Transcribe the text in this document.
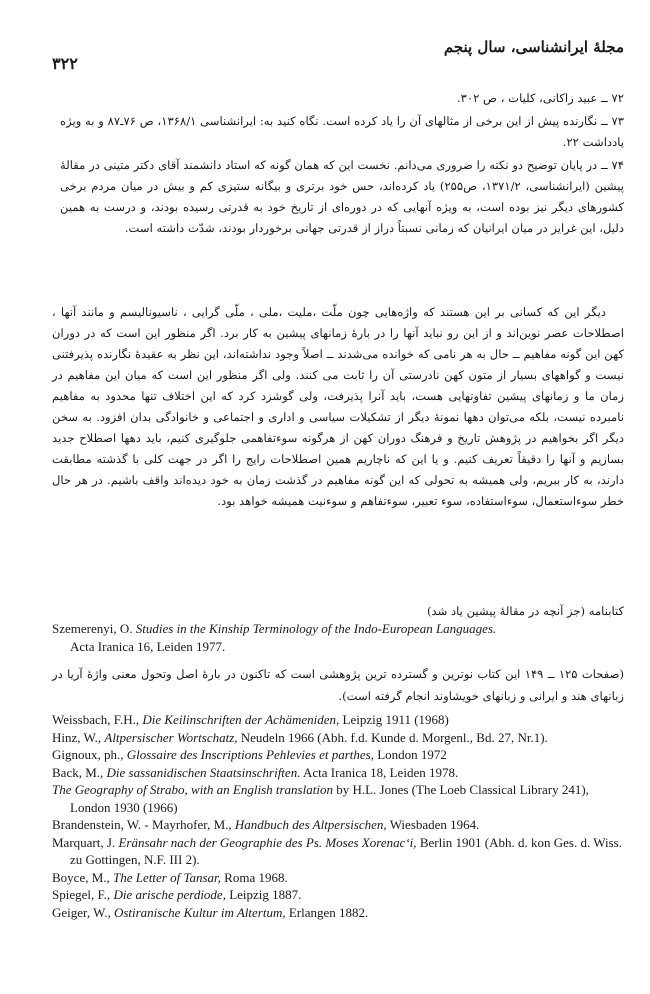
مجلهٔ ایرانشناسی، سال پنجم
۳۲۲

۷۲ ــ عبید زاکانی، کلیات ، ص ۳۰۲.

۷۳ ــ نگارنده پیش از این برخی از مثالهای آن را یاد کرده است. نگاه کنید به: ایرانشناسی ۱۳۶۸/۱، ص ۷۶ـ۸۷ و به ویژه یادداشت ۲۲.

۷۴ ــ در پایان توضیح دو نکته را ضروری می‌دانم. نخست این که همان گونه که استاد دانشمند آقای دکتر متینی در مقالهٔ پیشین (ایرانشناسی، ۱۳۷۱/۲، ص۲۵۵) یاد کرده‌اند، حس خود برتری و بیگانه ستیزی کم و بیش در میان مردم برخی کشورهای دیگر نیز بوده است، به ویژه آنهایی که در دوره‌ای از تاریخ خود به قدرتی رسیده بودند، و درست به همین دلیل، این غرایز در میان ایرانیان که زمانی نسبتاً دراز از قدرتی جهانی برخوردار بودند، شدّت داشته است.

دیگر این که کسانی بر این هستند که واژه‌هایی چون ملّت ،ملیت ،ملی ، ملّی گرایی ، ناسیونالیسم و مانند آنها ، اصطلاحات عصر نوین‌اند و از این رو نباید آنها را در بارهٔ زمانهای پیشین به کار برد. اگر منظور این است که در دوران کهن این گونه مفاهیم ــ حال به هر نامی که خوانده می‌شدند ــ اصلاً وجود نداشته‌اند، این نظر به عقیدهٔ نگارنده پذیرفتنی نیست و گواههای بسیار از متون کهن نادرستی آن را ثابت می کنند. ولی اگر منظور این است که میان این مفاهیم در زمان ما و زمانهای پیشین تفاوتهایی هست، باید آنرا پذیرفت، ولی گوشزد کرد که این اختلاف تنها محدود به مفاهیم نامبرده نیست، بلکه می‌توان دهها نمونهٔ دیگر از تشکیلات سیاسی و اداری و اجتماعی و خانوادگی بدان افزود. به سخن دیگر اگر بخواهیم در پژوهش تاریخ و فرهنگ دوران کهن از هرگونه سوءتفاهمی جلوگیری کنیم، باید دهها اصطلاح جدید بسازیم و آنها را دقیقاً تعریف کنیم. و یا این که ناچاریم همین اصطلاحات رایج را اگر در جهت کلی با گذشته مطابقت دارند، به کار ببریم، ولی همیشه به تحولی که این گونه مفاهیم در گذشت زمان به خود دیده‌اند واقف باشیم. در هر حال خطر سوءاستعمال، سوءاستفاده، سوء تعبیر، سوءتفاهم و سوءنیت همیشه خواهد بود.

کتابنامه (جز آنچه در مقالهٔ پیشین یاد شد)

Szemerenyi, O. Studies in the Kinship Terminology of the Indo-European Languages.
Acta Iranica 16, Leiden 1977.

(صفحات ۱۲۵ ــ ۱۴۹ این کتاب نوترین و گسترده ترین پژوهشی است که تاکنون در بارهٔ اصل وتحول معنی واژهٔ آریا در زبانهای هند و ایرانی و زبانهای خویشاوند انجام گرفته است).

Weissbach, F.H., Die Keilinschriften der Achämeniden, Leipzig 1911 (1968)

Hinz, W., Altpersischer Wortschatz, Neudeln 1966 (Abh. f.d. Kunde d. Morgenl., Bd. 27, Nr.1).

Gignoux, ph., Glossaire des Inscriptions Pehlevies et parthes, London 1972

Back, M., Die sassanidischen Staatsinschriften. Acta Iranica 18, Leiden 1978.

The Geography of Strabo, with an English translation by H.L. Jones (The Loeb Classical Library 241), London 1930 (1966)

Brandenstein, W. - Mayrhofer, M., Handbuch des Altpersischen, Wiesbaden 1964.

Marquart, J. Eränsahr nach der Geographie des Ps. Moses Xorenac‘i, Berlin 1901 (Abh. d. kon Ges. d. Wiss. zu Gottingen, N.F. III 2).

Boyce, M., The Letter of Tansar, Roma 1968.

Spiegel, F., Die arische perdiode, Leipzig 1887.

Geiger, W., Ostiranische Kultur im Altertum, Erlangen 1882.
